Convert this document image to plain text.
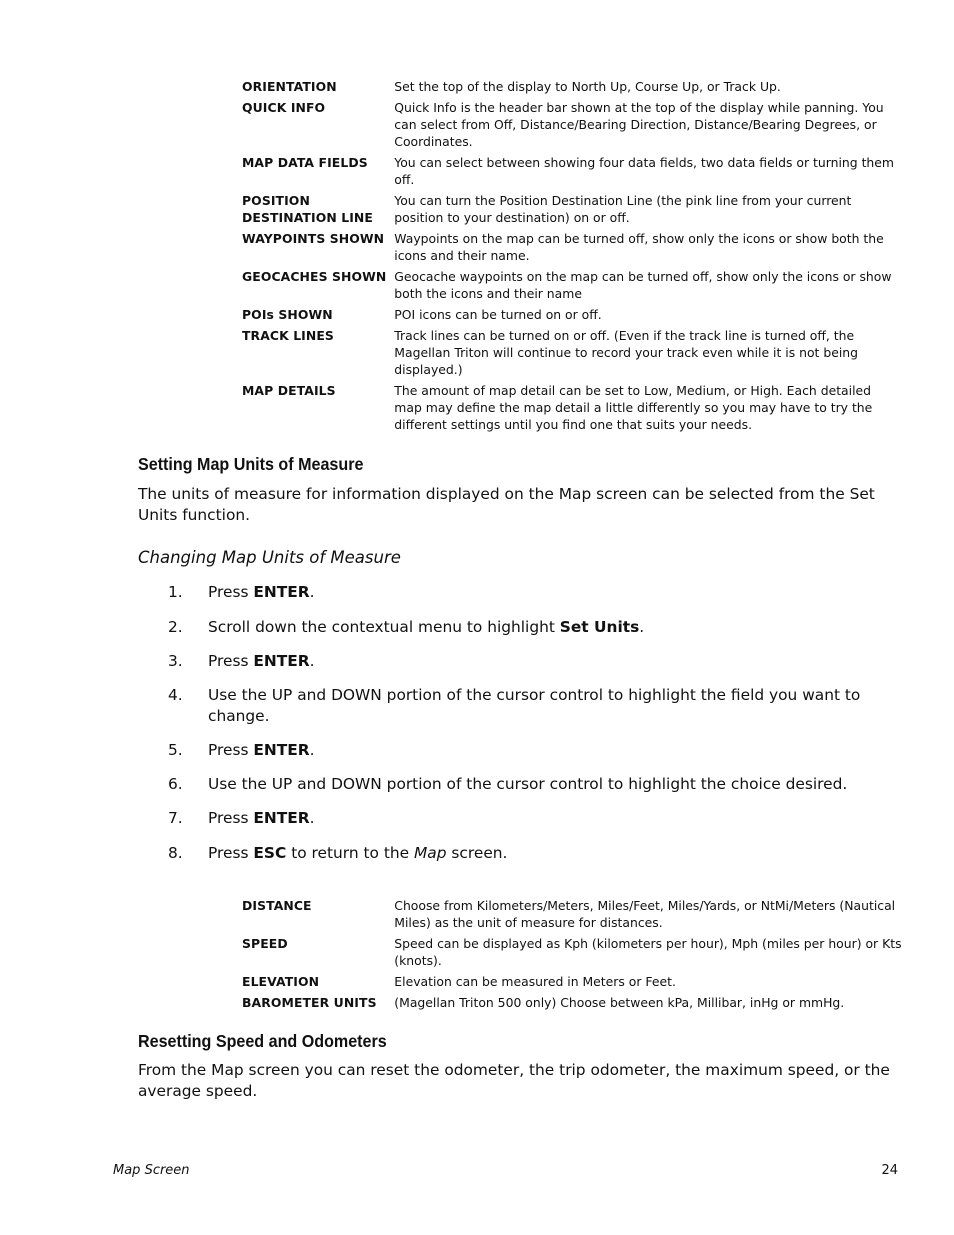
ORIENTATION	Set the top of the display to North Up, Course Up, or Track Up.
QUICK INFO	Quick Info is the header bar shown at the top of the display while panning. You can select from Off, Distance/Bearing Direction, Distance/Bearing Degrees, or Coordinates.
MAP DATA FIELDS	You can select between showing four data fields, two data fields or turning them off.
POSITION DESTINATION LINE	You can turn the Position Destination Line (the pink line from your current position to your destination) on or off.
WAYPOINTS SHOWN	Waypoints on the map can be turned off, show only the icons or show both the icons and their name.
GEOCACHES SHOWN	Geocache waypoints on the map can be turned off, show only the icons or show both the icons and their name
POIs SHOWN	POI icons can be turned on or off.
TRACK LINES	Track lines can be turned on or off. (Even if the track line is turned off, the Magellan Triton will continue to record your track even while it is not being displayed.)
MAP DETAILS	The amount of map detail can be set to Low, Medium, or High. Each detailed map may define the map detail a little differently so you may have to try the different settings until you find one that suits your needs.
Setting Map Units of Measure
The units of measure for information displayed on the Map screen can be selected from the Set Units function.
Changing Map Units of Measure
1. Press ENTER.
2. Scroll down the contextual menu to highlight Set Units.
3. Press ENTER.
4. Use the UP and DOWN portion of the cursor control to highlight the field you want to change.
5. Press ENTER.
6. Use the UP and DOWN portion of the cursor control to highlight the choice desired.
7. Press ENTER.
8. Press ESC to return to the Map screen.
DISTANCE	Choose from Kilometers/Meters, Miles/Feet, Miles/Yards, or NtMi/Meters (Nautical Miles) as the unit of measure for distances.
SPEED	Speed can be displayed as Kph (kilometers per hour), Mph (miles per hour) or Kts (knots).
ELEVATION	Elevation can be measured in Meters or Feet.
BAROMETER UNITS	(Magellan Triton 500 only) Choose between kPa, Millibar, inHg or mmHg.
Resetting Speed and Odometers
From the Map screen you can reset the odometer, the trip odometer, the maximum speed, or the average speed.
Map Screen	24
